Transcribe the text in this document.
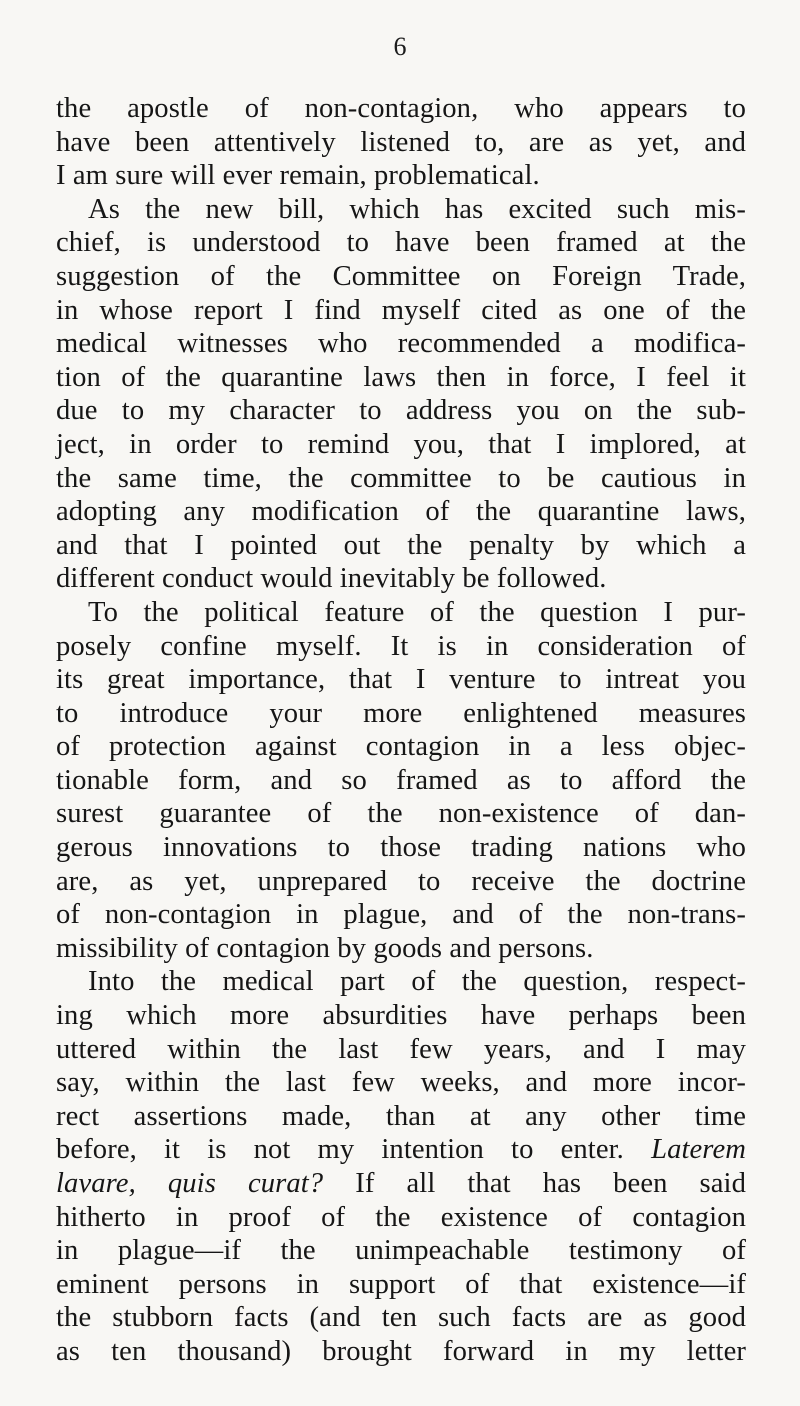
6
the apostle of non-contagion, who appears to
have been attentively listened to, are as yet, and
I am sure will ever remain, problematical.
As the new bill, which has excited such mis-
chief, is understood to have been framed at the
suggestion of the Committee on Foreign Trade,
in whose report I find myself cited as one of the
medical witnesses who recommended a modifica-
tion of the quarantine laws then in force, I feel it
due to my character to address you on the sub-
ject, in order to remind you, that I implored, at
the same time, the committee to be cautious in
adopting any modification of the quarantine laws,
and that I pointed out the penalty by which a
different conduct would inevitably be followed.
To the political feature of the question I pur-
posely confine myself. It is in consideration of
its great importance, that I venture to intreat you
to introduce your more enlightened measures
of protection against contagion in a less objec-
tionable form, and so framed as to afford the
surest guarantee of the non-existence of dan-
gerous innovations to those trading nations who
are, as yet, unprepared to receive the doctrine
of non-contagion in plague, and of the non-trans-
missibility of contagion by goods and persons.
Into the medical part of the question, respect-
ing which more absurdities have perhaps been
uttered within the last few years, and I may
say, within the last few weeks, and more incor-
rect assertions made, than at any other time
before, it is not my intention to enter. Laterem
lavare, quis curat? If all that has been said
hitherto in proof of the existence of contagion
in plague—if the unimpeachable testimony of
eminent persons in support of that existence—if
the stubborn facts (and ten such facts are as good
as ten thousand) brought forward in my letter
